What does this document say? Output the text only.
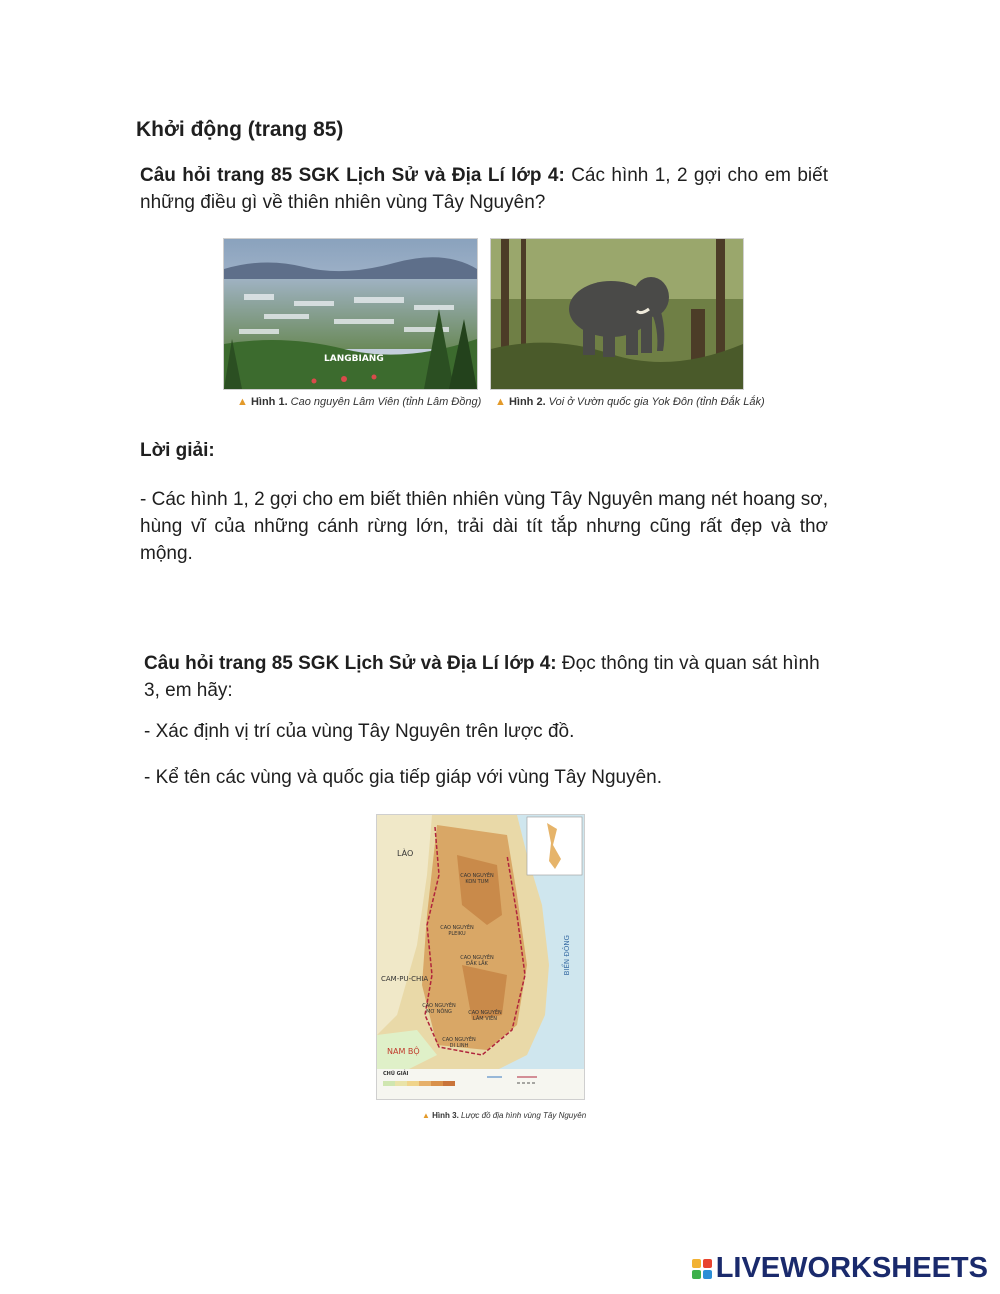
Khởi động (trang 85)
Câu hỏi trang 85 SGK Lịch Sử và Địa Lí lớp 4: Các hình 1, 2 gợi cho em biết những điều gì về thiên nhiên vùng Tây Nguyên?
LANGBIANG
▲ Hình 1. Cao nguyên Lâm Viên (tỉnh Lâm Đồng) ▲ Hình 2. Voi ở Vườn quốc gia Yok Đôn (tỉnh Đắk Lắk)
Lời giải:
- Các hình 1, 2 gợi cho em biết thiên nhiên vùng Tây Nguyên mang nét hoang sơ, hùng vĩ của những cánh rừng lớn, trải dài tít tắp nhưng cũng rất đẹp và thơ mộng.
Câu hỏi trang 85 SGK Lịch Sử và Địa Lí lớp 4: Đọc thông tin và quan sát hình 3, em hãy:
- Xác định vị trí của vùng Tây Nguyên trên lược đồ.
- Kể tên các vùng và quốc gia tiếp giáp với vùng Tây Nguyên.
LÀO
CAM-PU-CHIA
NAM BỘ
BIỂN ĐÔNG
CAO NGUYÊN KON TUM
CAO NGUYÊN PLEIKU
CAO NGUYÊN ĐẮK LẮK
CAO NGUYÊN MƠ NÔNG	CAO NGUYÊN LÂM VIÊN
CAO NGUYÊN DI LINH
CHÚ GIẢI
▲ Hình 3. Lược đồ địa hình vùng Tây Nguyên
LIVEWORKSHEETS
